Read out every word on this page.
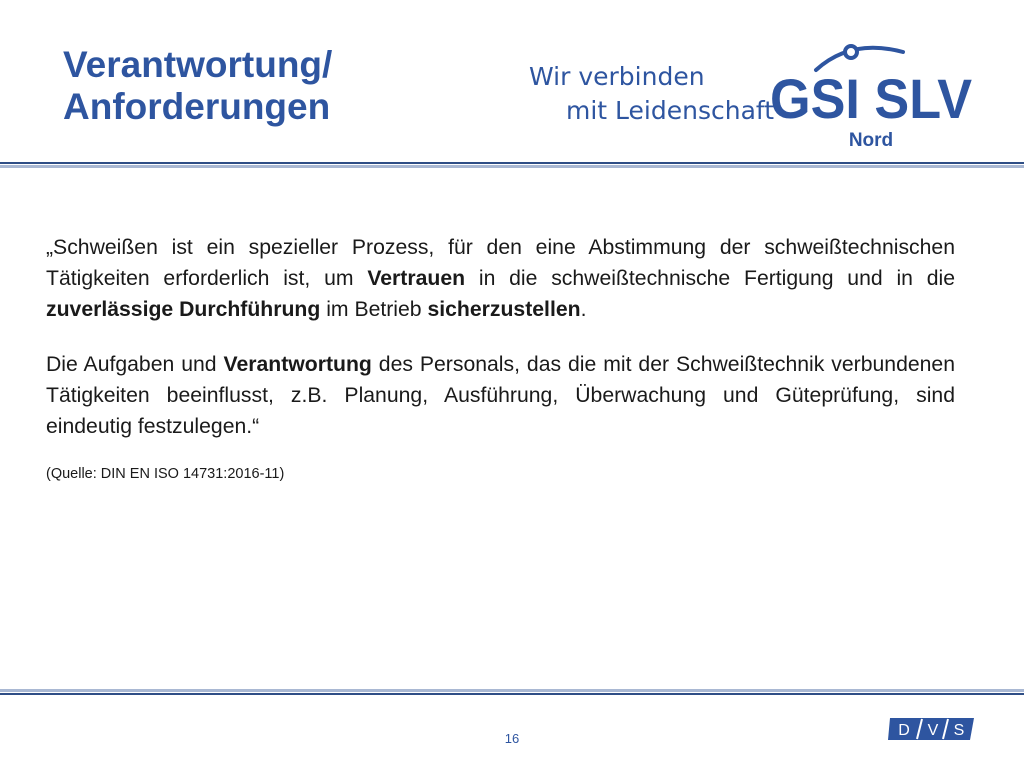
Verantwortung/
Anforderungen
Wir verbinden
mit Leidenschaft
GSI SLV
Nord

„Schweißen ist ein spezieller Prozess, für den eine Abstimmung der schweißtechnischen Tätigkeiten erforderlich ist, um Vertrauen in die schweißtechnische Fertigung und in die zuverlässige Durchführung im Betrieb sicherzustellen.

Die Aufgaben und Verantwortung des Personals, das die mit der Schweißtechnik verbundenen Tätigkeiten beeinflusst, z.B. Planung, Ausführung, Überwachung und Güteprüfung, sind eindeutig festzulegen.“

(Quelle: DIN EN ISO 14731:2016-11)
16	D V S
